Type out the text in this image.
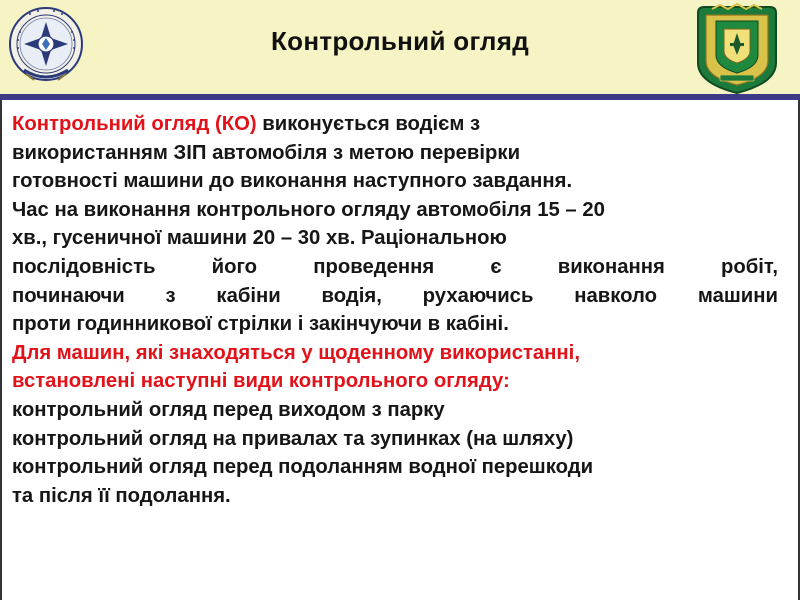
Контрольний огляд
Контрольний огляд (КО) виконується водієм з
використанням ЗІП автомобіля з метою перевірки
готовності машини до виконання наступного завдання.
Час на виконання контрольного огляду автомобіля 15 – 20
хв., гусеничної машини 20 – 30 хв. Раціональною
послідовність	його	проведення	є	виконання	робіт,
починаючи з кабіни водія, рухаючись навколо машини
проти годинникової стрілки і закінчуючи в кабіні.
Для машин, які знаходяться у щоденному використанні,
встановлені наступні види контрольного огляду:
контрольний огляд перед виходом з парку
контрольний огляд на привалах та зупинках (на шляху)
контрольний огляд перед подоланням водної перешкоди
та після її подолання.
